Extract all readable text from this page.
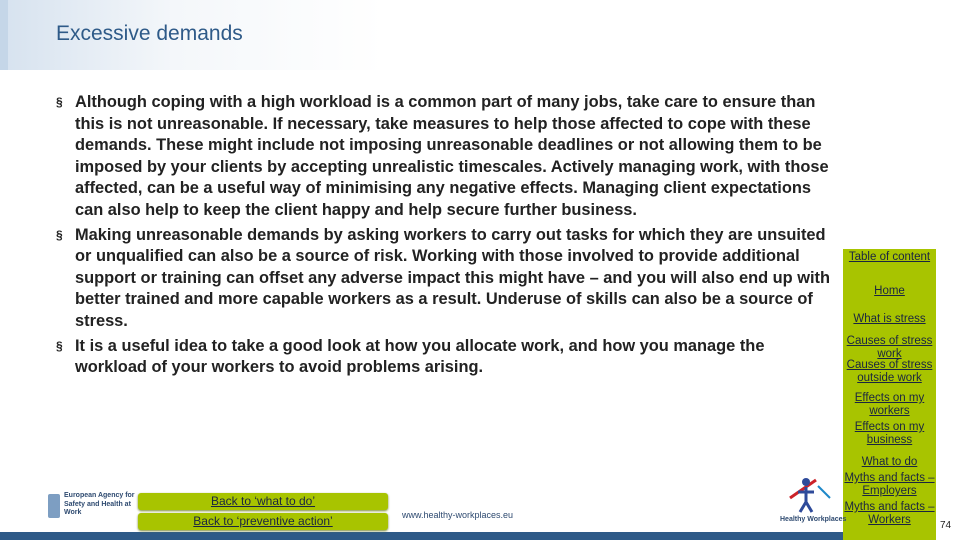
Excessive demands
§ Although coping with a high workload is a common part of many jobs, take care to ensure than this is not unreasonable. If necessary, take measures to help those affected to cope with these demands. These might include not imposing unreasonable deadlines or not allowing them to be imposed by your clients by accepting unrealistic timescales. Actively managing work, with those affected, can be a useful way of minimising any negative effects. Managing client expectations can also help to keep the client happy and help secure further business.
§ Making unreasonable demands by asking workers to carry out tasks for which they are unsuited or unqualified can also be a source of risk. Working with those involved to provide additional support or training can offset any adverse impact this might have – and you will also end up with better trained and more capable workers as a result. Underuse of skills can also be a source of stress.
§ It is a useful idea to take a good look at how you allocate work, and how you manage the workload of your workers to avoid problems arising.
Table of content
Home
What is stress
Causes of stress work
Causes of stress outside work
Effects on my workers
Effects on my business
What to do
Myths and facts – Employers
Myths and facts – Workers
European Agency for Safety and Health at Work
Back to ‘what to do’
Back to ‘preventive action’	www.healthy-workplaces.eu	Healthy Workplaces
74
